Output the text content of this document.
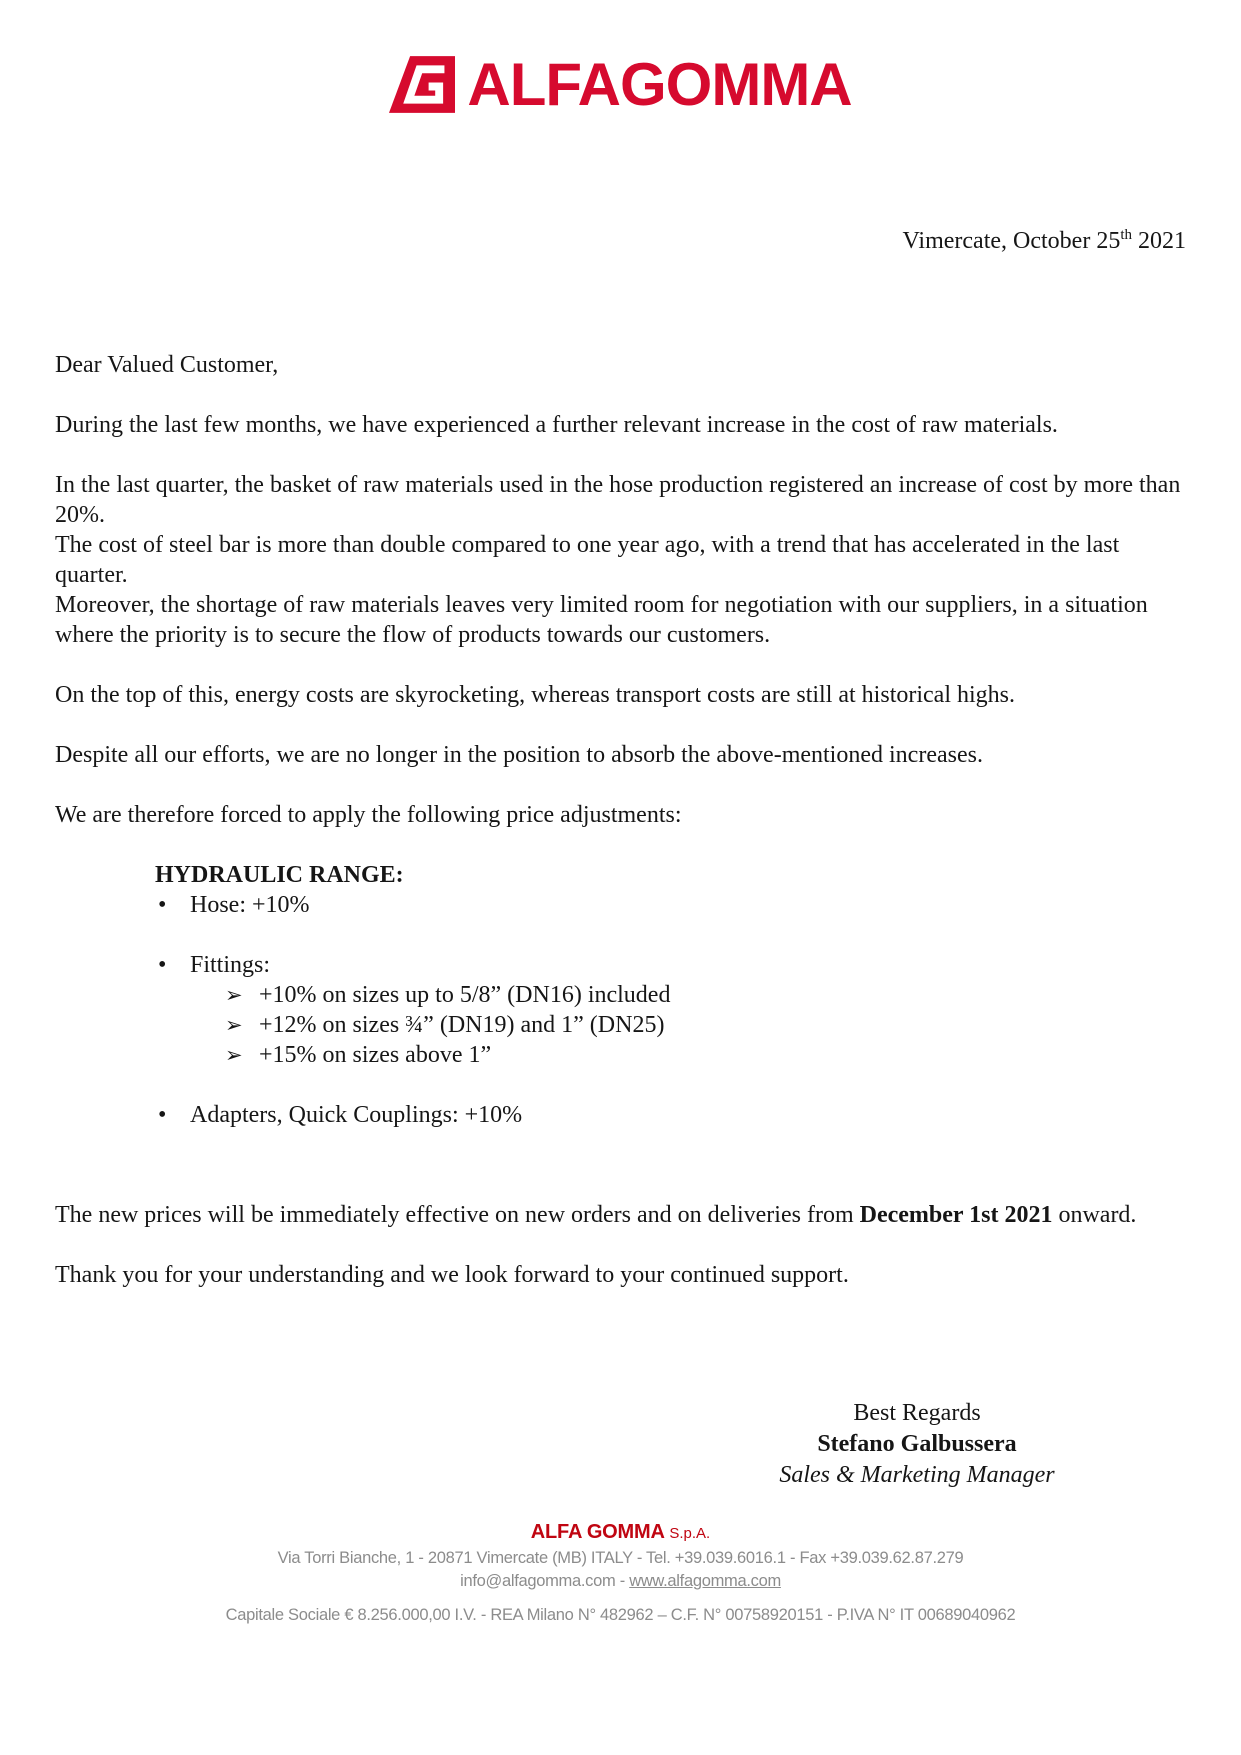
ALFAGOMMA
Vimercate, October 25th 2021
Dear Valued Customer,

During the last few months, we have experienced a further relevant increase in the cost of raw materials.

In the last quarter, the basket of raw materials used in the hose production registered an increase of cost by more than 20%.
The cost of steel bar is more than double compared to one year ago, with a trend that has accelerated in the last quarter.
Moreover, the shortage of raw materials leaves very limited room for negotiation with our suppliers, in a situation where the priority is to secure the flow of products towards our customers.

On the top of this, energy costs are skyrocketing, whereas transport costs are still at historical highs.

Despite all our efforts, we are no longer in the position to absorb the above-mentioned increases.

We are therefore forced to apply the following price adjustments:

HYDRAULIC RANGE:
• Hose: +10%
• Fittings:
➢ +10% on sizes up to 5/8” (DN16) included
➢ +12% on sizes ¾” (DN19) and 1” (DN25)
➢ +15% on sizes above 1”
• Adapters, Quick Couplings: +10%

The new prices will be immediately effective on new orders and on deliveries from December 1st 2021 onward.

Thank you for your understanding and we look forward to your continued support.

Best Regards
Stefano Galbussera
Sales & Marketing Manager
ALFA GOMMA S.p.A.
Via Torri Bianche, 1 - 20871 Vimercate (MB) ITALY - Tel. +39.039.6016.1 - Fax +39.039.62.87.279
info@alfagomma.com - www.alfagomma.com
Capitale Sociale € 8.256.000,00 I.V. - REA Milano N° 482962 – C.F. N° 00758920151 - P.IVA N° IT 00689040962
